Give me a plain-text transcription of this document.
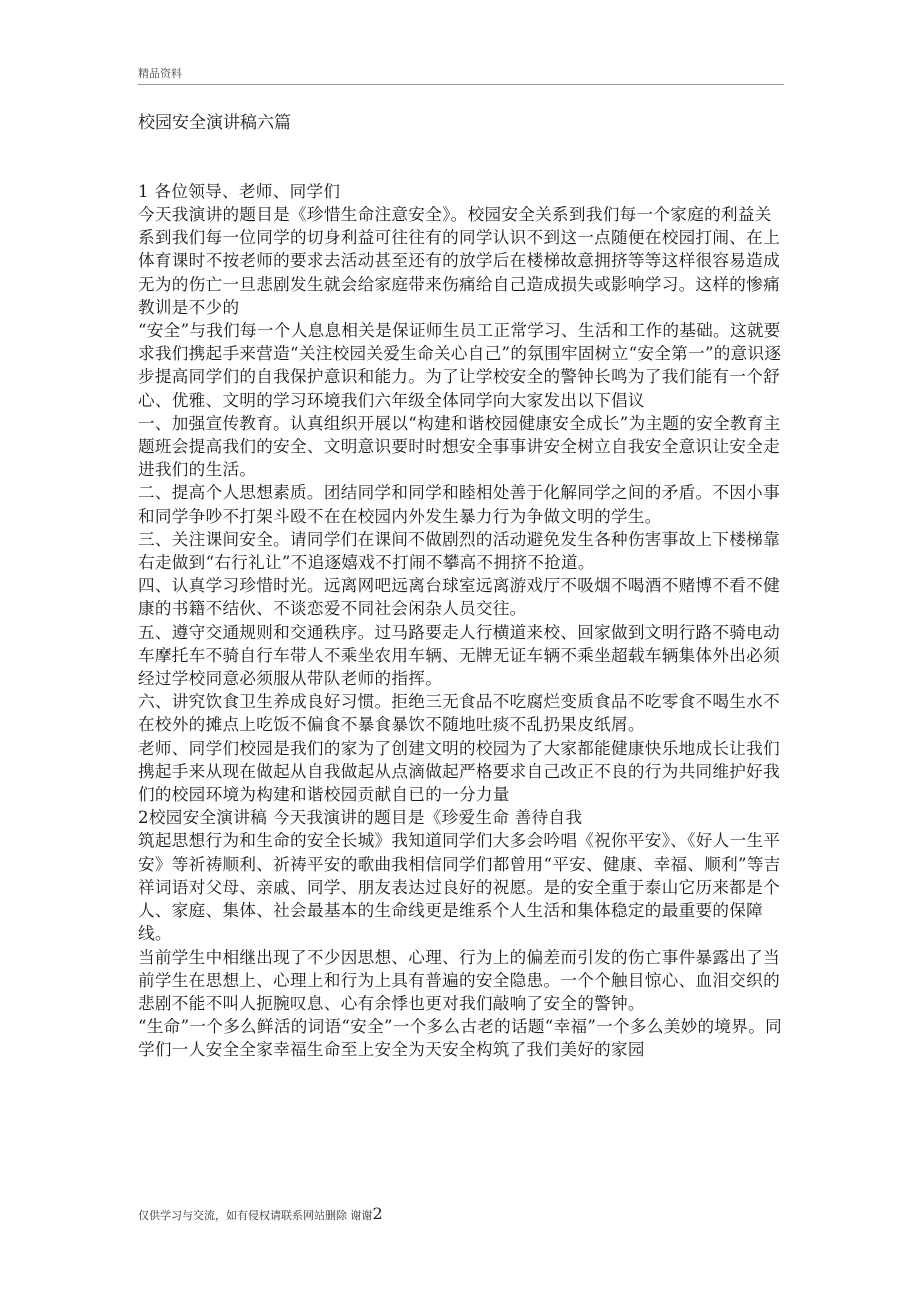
精品资料
校园安全演讲稿六篇

1 各位领导、老师、同学们

今天我演讲的题目是《珍惜生命注意安全》。校园安全关系到我们每一个家庭的利益关系到我们每一位同学的切身利益可往往有的同学认识不到这一点随便在校园打闹、在上体育课时不按老师的要求去活动甚至还有的放学后在楼梯故意拥挤等等这样很容易造成无为的伤亡一旦悲剧发生就会给家庭带来伤痛给自己造成损失或影响学习。这样的惨痛教训是不少的

“安全”与我们每一个人息息相关是保证师生员工正常学习、生活和工作的基础。这就要求我们携起手来营造“关注校园关爱生命关心自己”的氛围牢固树立“安全第一”的意识逐步提高同学们的自我保护意识和能力。为了让学校安全的警钟长鸣为了我们能有一个舒心、优雅、文明的学习环境我们六年级全体同学向大家发出以下倡议

一、加强宣传教育。认真组织开展以“构建和谐校园健康安全成长”为主题的安全教育主题班会提高我们的安全、文明意识要时时想安全事事讲安全树立自我安全意识让安全走进我们的生活。

二、提高个人思想素质。团结同学和同学和睦相处善于化解同学之间的矛盾。不因小事和同学争吵不打架斗殴不在在校园内外发生暴力行为争做文明的学生。

三、关注课间安全。请同学们在课间不做剧烈的活动避免发生各种伤害事故上下楼梯靠右走做到“右行礼让”不追逐嬉戏不打闹不攀高不拥挤不抢道。

四、认真学习珍惜时光。远离网吧远离台球室远离游戏厅不吸烟不喝酒不赌博不看不健康的书籍不结伙、不谈恋爱不同社会闲杂人员交往。

五、遵守交通规则和交通秩序。过马路要走人行横道来校、回家做到文明行路不骑电动车摩托车不骑自行车带人不乘坐农用车辆、无牌无证车辆不乘坐超载车辆集体外出必须经过学校同意必须服从带队老师的指挥。

六、讲究饮食卫生养成良好习惯。拒绝三无食品不吃腐烂变质食品不吃零食不喝生水不在校外的摊点上吃饭不偏食不暴食暴饮不随地吐痰不乱扔果皮纸屑。

老师、同学们校园是我们的家为了创建文明的校园为了大家都能健康快乐地成长让我们携起手来从现在做起从自我做起从点滴做起严格要求自己改正不良的行为共同维护好我们的校园环境为构建和谐校园贡献自已的一分力量

2校园安全演讲稿 今天我演讲的题目是《珍爱生命 善待自我

筑起思想行为和生命的安全长城》我知道同学们大多会吟唱《祝你平安》、《好人一生平安》等祈祷顺利、祈祷平安的歌曲我相信同学们都曾用“平安、健康、幸福、顺利”等吉祥词语对父母、亲戚、同学、朋友表达过良好的祝愿。是的安全重于泰山它历来都是个人、家庭、集体、社会最基本的生命线更是维系个人生活和集体稳定的最重要的保障线。

当前学生中相继出现了不少因思想、心理、行为上的偏差而引发的伤亡事件暴露出了当前学生在思想上、心理上和行为上具有普遍的安全隐患。一个个触目惊心、血泪交织的悲剧不能不叫人扼腕叹息、心有余悸也更对我们敲响了安全的警钟。

“生命”一个多么鲜活的词语“安全”一个多么古老的话题“幸福”一个多么美妙的境界。同学们一人安全全家幸福生命至上安全为天安全构筑了我们美好的家园

仅供学习与交流，如有侵权请联系网站删除 谢谢2
